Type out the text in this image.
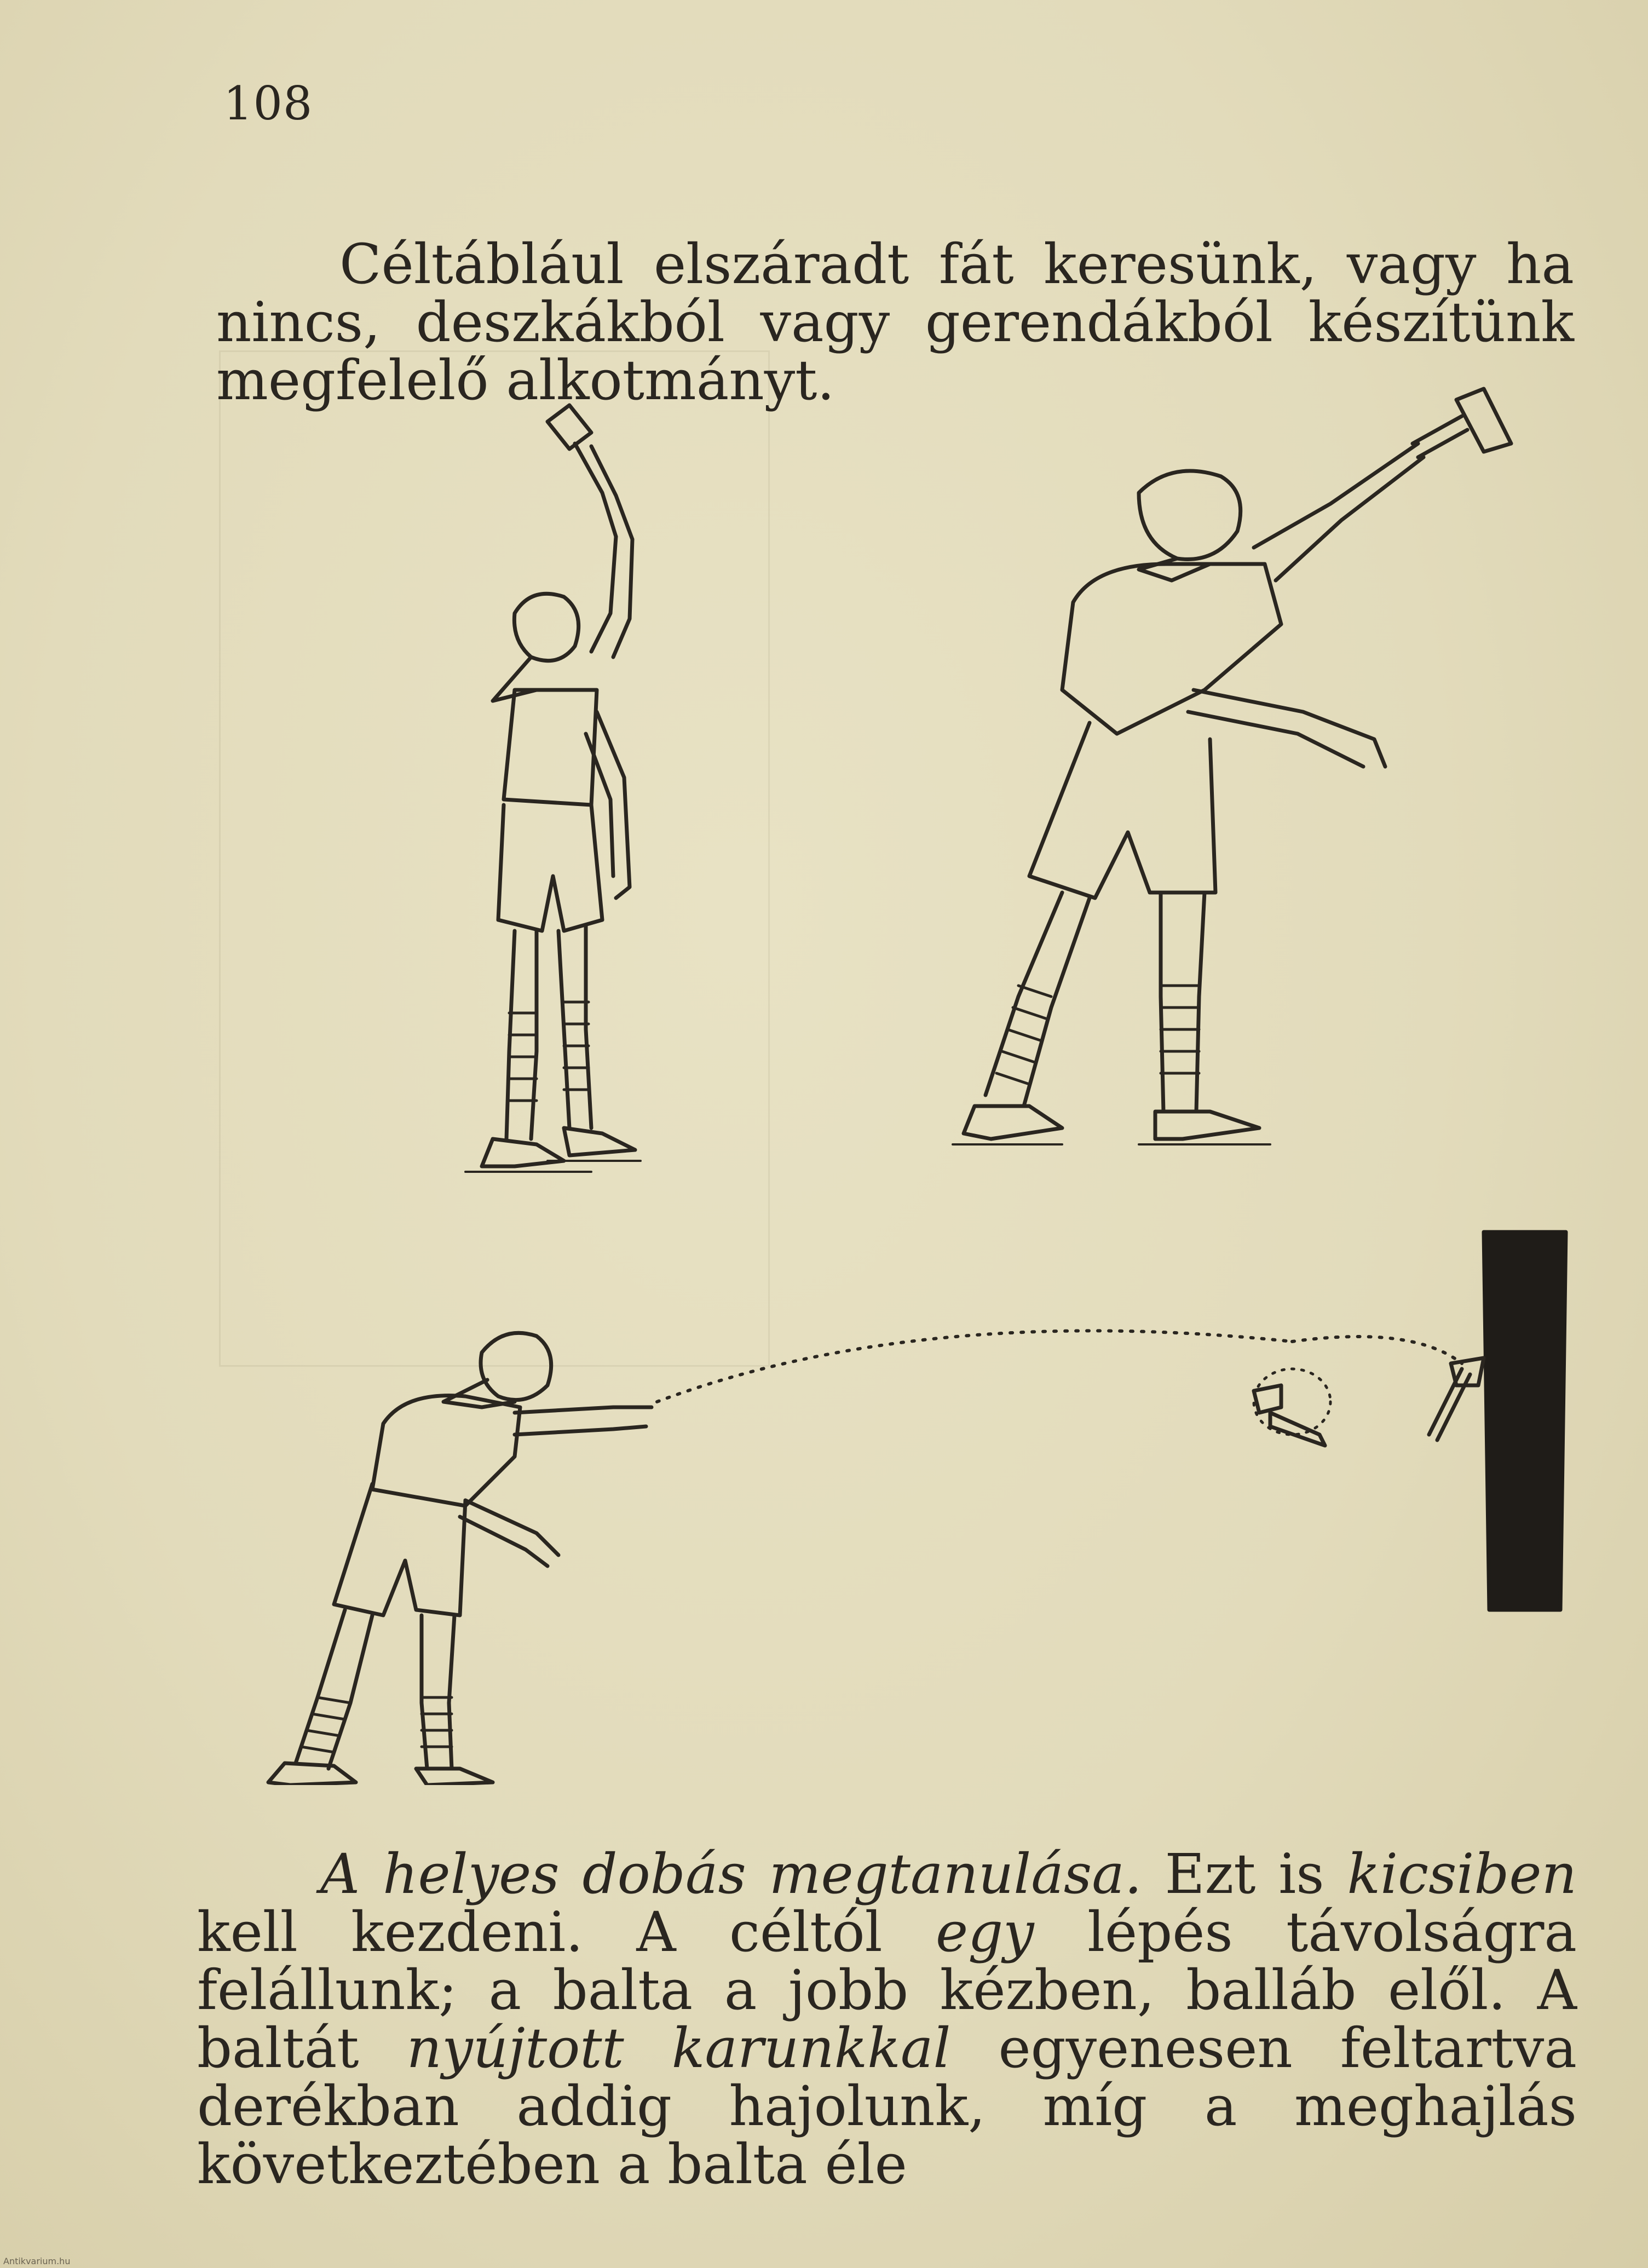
108

Céltáblául elszáradt fát keresünk, vagy ha nincs, deszkákból vagy gerendákból készítünk megfelelő alkotmányt.

A helyes dobás megtanulása. Ezt is kicsiben kell kezdeni. A céltól egy lépés távolságra felállunk; a balta a jobb kézben, balláb elől. A baltát nyújtott karunkkal egyenesen feltartva derékban addig hajolunk, míg a meghajlás következtében a balta éle

Antikvarium.hu
